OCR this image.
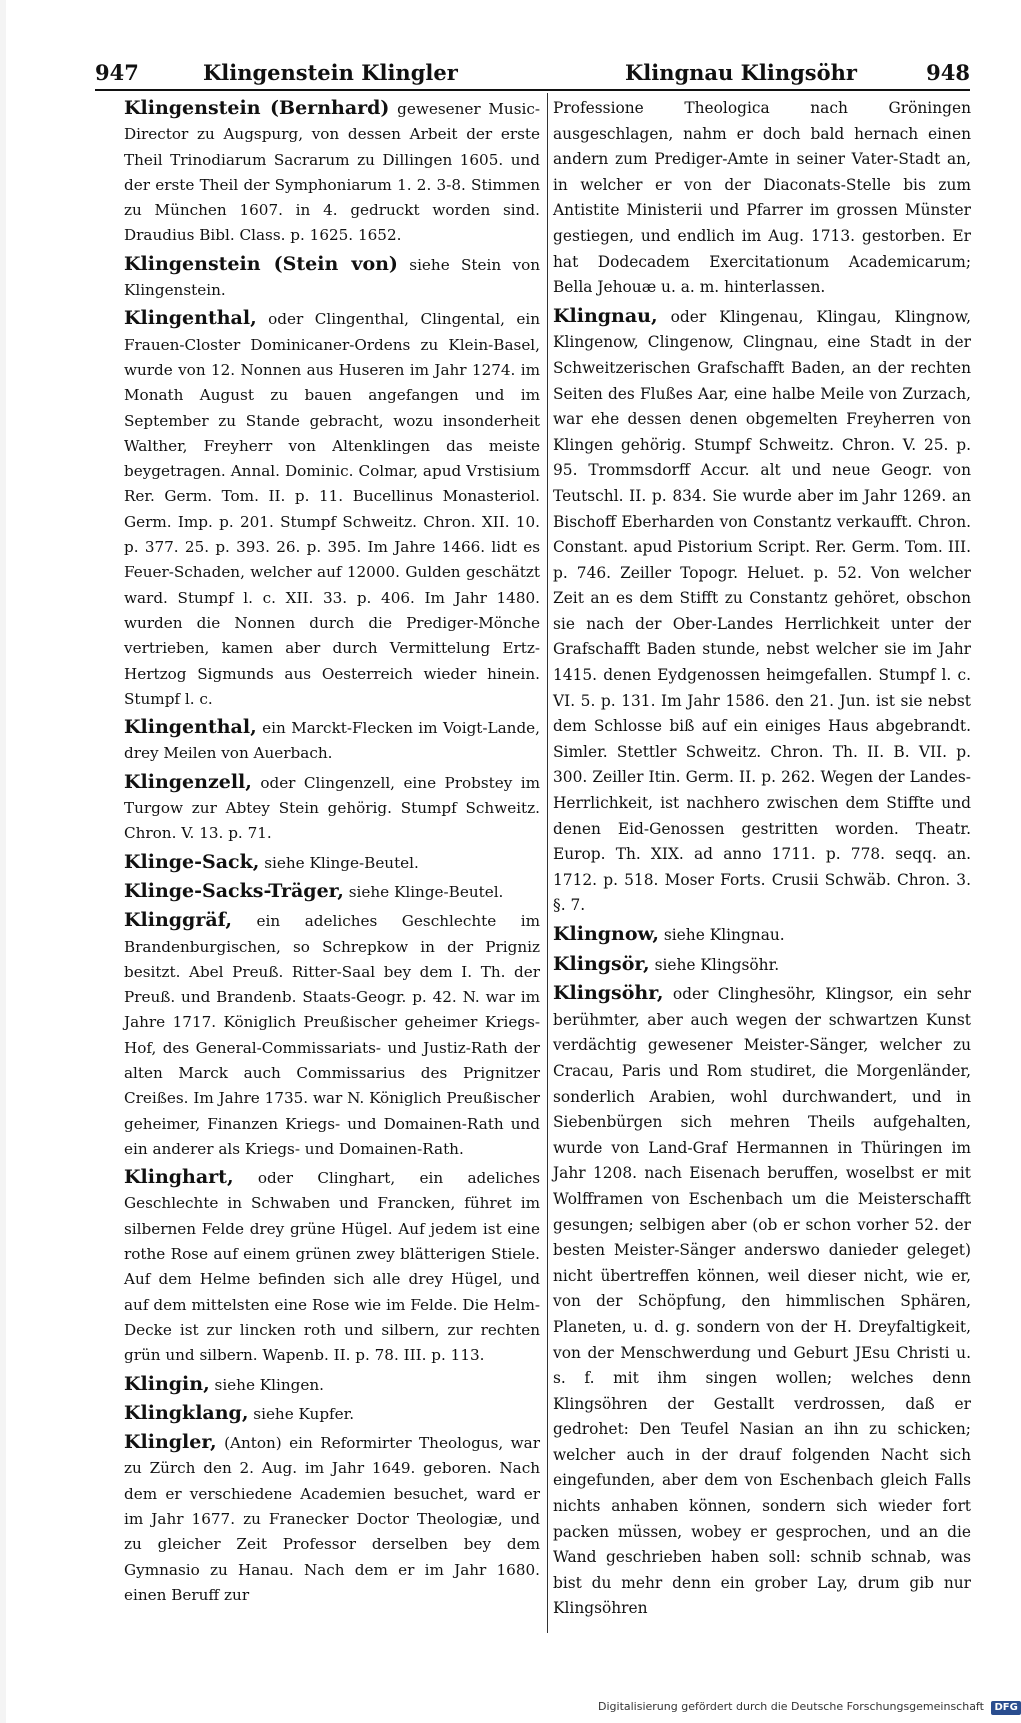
947	Klingenstein Klingler	Klingnau Klingsöhr	948

Klingenstein (Bernhard) gewesener Music-Director zu Augspurg, von dessen Arbeit der erste Theil Trinodiarum Sacrarum zu Dillingen 1605. und der erste Theil der Symphoniarum 1. 2. 3-8. Stimmen zu München 1607. in 4. gedruckt worden sind. Draudius Bibl. Class. p. 1625. 1652.

Klingenstein (Stein von) siehe Stein von Klingenstein.

Klingenthal, oder Clingenthal, Clingental, ein Frauen-Closter Dominicaner-Ordens zu Klein-Basel, wurde von 12. Nonnen aus Huseren im Jahr 1274. im Monath August zu bauen angefangen und im September zu Stande gebracht, wozu insonderheit Walther, Freyherr von Altenklingen das meiste beygetragen. Annal. Dominic. Colmar, apud Vrstisium Rer. Germ. Tom. II. p. 11. Bucellinus Monasteriol. Germ. Imp. p. 201. Stumpf Schweitz. Chron. XII. 10. p. 377. 25. p. 393. 26. p. 395. Im Jahre 1466. lidt es Feuer-Schaden, welcher auf 12000. Gulden geschätzt ward. Stumpf l. c. XII. 33. p. 406. Im Jahr 1480. wurden die Nonnen durch die Prediger-Mönche vertrieben, kamen aber durch Vermittelung Ertz-Hertzog Sigmunds aus Oesterreich wieder hinein. Stumpf l. c.

Klingenthal, ein Marckt-Flecken im Voigt-Lande, drey Meilen von Auerbach.

Klingenzell, oder Clingenzell, eine Probstey im Turgow zur Abtey Stein gehörig. Stumpf Schweitz. Chron. V. 13. p. 71.

Klinge-Sack, siehe Klinge-Beutel.

Klinge-Sacks-Träger, siehe Klinge-Beutel.

Klinggräf, ein adeliches Geschlechte im Brandenburgischen, so Schrepkow in der Prigniz besitzt. Abel Preuß. Ritter-Saal bey dem I. Th. der Preuß. und Brandenb. Staats-Geogr. p. 42. N. war im Jahre 1717. Königlich Preußischer geheimer Kriegs-Hof, des General-Commissariats- und Justiz-Rath der alten Marck auch Commissarius des Prignitzer Creißes. Im Jahre 1735. war N. Königlich Preußischer geheimer, Finanzen Kriegs- und Domainen-Rath und ein anderer als Kriegs- und Domainen-Rath.

Klinghart, oder Clinghart, ein adeliches Geschlechte in Schwaben und Francken, führet im silbernen Felde drey grüne Hügel. Auf jedem ist eine rothe Rose auf einem grünen zwey blätterigen Stiele. Auf dem Helme befinden sich alle drey Hügel, und auf dem mittelsten eine Rose wie im Felde. Die Helm-Decke ist zur lincken roth und silbern, zur rechten grün und silbern. Wapenb. II. p. 78. III. p. 113.

Klingin, siehe Klingen.

Klingklang, siehe Kupfer.

Klingler, (Anton) ein Reformirter Theologus, war zu Zürch den 2. Aug. im Jahr 1649. geboren. Nach dem er verschiedene Academien besuchet, ward er im Jahr 1677. zu Franecker Doctor Theologiæ, und zu gleicher Zeit Professor derselben bey dem Gymnasio zu Hanau. Nach dem er im Jahr 1680. einen Beruff zur

Professione Theologica nach Gröningen ausgeschlagen, nahm er doch bald hernach einen andern zum Prediger-Amte in seiner Vater-Stadt an, in welcher er von der Diaconats-Stelle bis zum Antistite Ministerii und Pfarrer im grossen Münster gestiegen, und endlich im Aug. 1713. gestorben. Er hat Dodecadem Exercitationum Academicarum; Bella Jehouæ u. a. m. hinterlassen.

Klingnau, oder Klingenau, Klingau, Klingnow, Klingenow, Clingenow, Clingnau, eine Stadt in der Schweitzerischen Grafschafft Baden, an der rechten Seiten des Flußes Aar, eine halbe Meile von Zurzach, war ehe dessen denen obgemelten Freyherren von Klingen gehörig. Stumpf Schweitz. Chron. V. 25. p. 95. Trommsdorff Accur. alt und neue Geogr. von Teutschl. II. p. 834. Sie wurde aber im Jahr 1269. an Bischoff Eberharden von Constantz verkaufft. Chron. Constant. apud Pistorium Script. Rer. Germ. Tom. III. p. 746. Zeiller Topogr. Heluet. p. 52. Von welcher Zeit an es dem Stifft zu Constantz gehöret, obschon sie nach der Ober-Landes Herrlichkeit unter der Grafschafft Baden stunde, nebst welcher sie im Jahr 1415. denen Eydgenossen heimgefallen. Stumpf l. c. VI. 5. p. 131. Im Jahr 1586. den 21. Jun. ist sie nebst dem Schlosse biß auf ein einiges Haus abgebrandt. Simler. Stettler Schweitz. Chron. Th. II. B. VII. p. 300. Zeiller Itin. Germ. II. p. 262. Wegen der Landes-Herrlichkeit, ist nachhero zwischen dem Stiffte und denen Eid-Genossen gestritten worden. Theatr. Europ. Th. XIX. ad anno 1711. p. 778. seqq. an. 1712. p. 518. Moser Forts. Crusii Schwäb. Chron. 3. §. 7.

Klingnow, siehe Klingnau.

Klingsör, siehe Klingsöhr.

Klingsöhr, oder Clinghesöhr, Klingsor, ein sehr berühmter, aber auch wegen der schwartzen Kunst verdächtig gewesener Meister-Sänger, welcher zu Cracau, Paris und Rom studiret, die Morgenländer, sonderlich Arabien, wohl durchwandert, und in Siebenbürgen sich mehren Theils aufgehalten, wurde von Land-Graf Hermannen in Thüringen im Jahr 1208. nach Eisenach beruffen, woselbst er mit Wolfframen von Eschenbach um die Meisterschafft gesungen; selbigen aber (ob er schon vorher 52. der besten Meister-Sänger anderswo danieder geleget) nicht übertreffen können, weil dieser nicht, wie er, von der Schöpfung, den himmlischen Sphären, Planeten, u. d. g. sondern von der H. Dreyfaltigkeit, von der Menschwerdung und Geburt JEsu Christi u. s. f. mit ihm singen wollen; welches denn Klingsöhren der Gestallt verdrossen, daß er gedrohet: Den Teufel Nasian an ihn zu schicken; welcher auch in der drauf folgenden Nacht sich eingefunden, aber dem von Eschenbach gleich Falls nichts anhaben können, sondern sich wieder fort packen müssen, wobey er gesprochen, und an die Wand geschrieben haben soll: schnib schnab, was bist du mehr denn ein grober Lay, drum gib nur Klingsöhren

Digitalisierung gefördert durch die Deutsche Forschungsgemeinschaft DFG
